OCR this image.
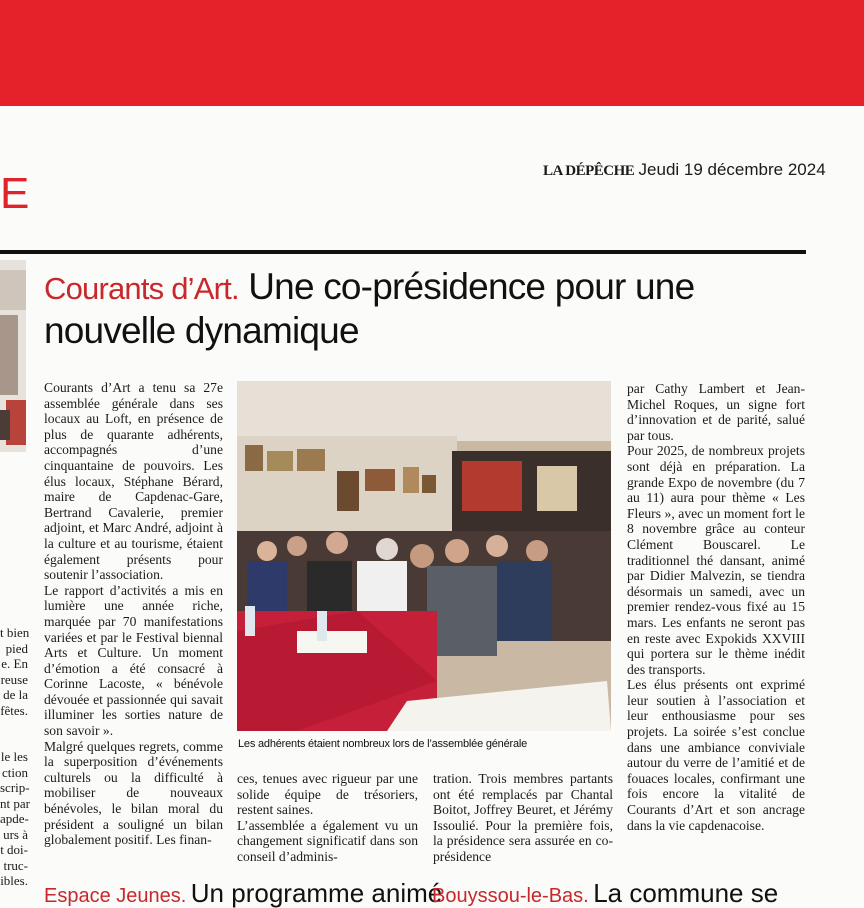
E	LA DÉPÊCHE Jeudi 19 décembre 2024
t bien
pied
e. En
reuse
de la
fêtes.

le les
ction
scrip-
nt par
apde-
urs à
t doi-
truc-
ibles.
Courants d’Art. Une co-présidence pour une nouvelle dynamique
Courants d’Art a tenu sa 27e assemblée générale dans ses locaux au Loft, en présence de plus de quarante adhérents, accompagnés d’une cinquantaine de pouvoirs. Les élus locaux, Stéphane Bérard, maire de Capdenac-Gare, Bertrand Cavalerie, premier adjoint, et Marc André, adjoint à la culture et au tourisme, étaient également présents pour soutenir l’association.
Le rapport d’activités a mis en lumière une année riche, marquée par 70 manifestations variées et par le Festival biennal Arts et Culture. Un moment d’émotion a été consacré à Corinne Lacoste, « bénévole dévouée et passionnée qui savait illuminer les sorties nature de son savoir ».
Malgré quelques regrets, comme la superposition d’événements culturels ou la difficulté à mobiliser de nouveaux bénévoles, le bilan moral du président a souligné un bilan globalement positif. Les finan-
Les adhérents étaient nombreux lors de l’assemblée générale
ces, tenues avec rigueur par une solide équipe de trésoriers, restent saines.
L’assemblée a également vu un changement significatif dans son conseil d’adminis-
tration. Trois membres partants ont été remplacés par Chantal Boitot, Joffrey Beuret, et Jérémy Issoulié. Pour la première fois, la présidence sera assurée en co-présidence
par Cathy Lambert et Jean-Michel Roques, un signe fort d’innovation et de parité, salué par tous.
Pour 2025, de nombreux projets sont déjà en préparation. La grande Expo de novembre (du 7 au 11) aura pour thème « Les Fleurs », avec un moment fort le 8 novembre grâce au conteur Clément Bouscarel. Le traditionnel thé dansant, animé par Didier Malvezin, se tiendra désormais un samedi, avec un premier rendez-vous fixé au 15 mars. Les enfants ne seront pas en reste avec Expokids XXVIII qui portera sur le thème inédit des transports.
Les élus présents ont exprimé leur soutien à l’association et leur enthousiasme pour ses projets. La soirée s’est conclue dans une ambiance conviviale autour du verre de l’amitié et de fouaces locales, confirmant une fois encore la vitalité de Courants d’Art et son ancrage dans la vie capdenacoise.
Espace Jeunes. Un programme animé
Bouyssou-le-Bas. La commune se
